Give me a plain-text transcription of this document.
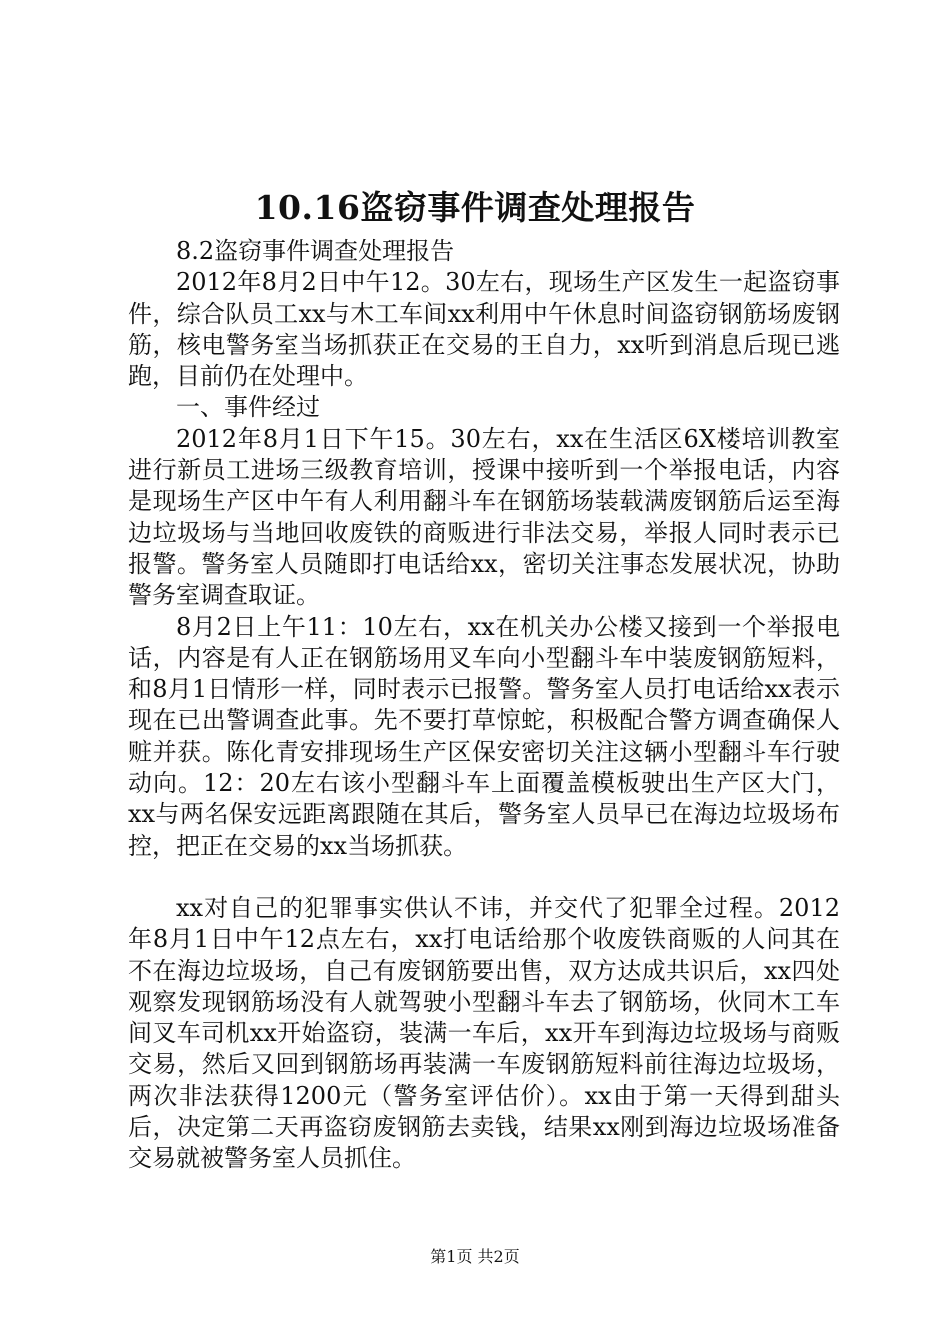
10.16盗窃事件调查处理报告

8.2盗窃事件调查处理报告

2012年8月2日中午12。30左右，现场生产区发生一起盗窃事件，综合队员工xx与木工车间xx利用中午休息时间盗窃钢筋场废钢筋，核电警务室当场抓获正在交易的王自力，xx听到消息后现已逃跑，目前仍在处理中。

一、事件经过

2012年8月1日下午15。30左右，xx在生活区6X楼培训教室进行新员工进场三级教育培训，授课中接听到一个举报电话，内容是现场生产区中午有人利用翻斗车在钢筋场装载满废钢筋后运至海边垃圾场与当地回收废铁的商贩进行非法交易，举报人同时表示已报警。警务室人员随即打电话给xx，密切关注事态发展状况，协助警务室调查取证。

8月2日上午11：10左右，xx在机关办公楼又接到一个举报电话，内容是有人正在钢筋场用叉车向小型翻斗车中装废钢筋短料，和8月1日情形一样，同时表示已报警。警务室人员打电话给xx表示现在已出警调查此事。先不要打草惊蛇，积极配合警方调查确保人赃并获。陈化青安排现场生产区保安密切关注这辆小型翻斗车行驶动向。12：20左右该小型翻斗车上面覆盖模板驶出生产区大门，xx与两名保安远距离跟随在其后，警务室人员早已在海边垃圾场布控，把正在交易的xx当场抓获。

xx对自己的犯罪事实供认不讳，并交代了犯罪全过程。2012年8月1日中午12点左右，xx打电话给那个收废铁商贩的人问其在不在海边垃圾场，自己有废钢筋要出售，双方达成共识后，xx四处观察发现钢筋场没有人就驾驶小型翻斗车去了钢筋场，伙同木工车间叉车司机xx开始盗窃，装满一车后，xx开车到海边垃圾场与商贩交易，然后又回到钢筋场再装满一车废钢筋短料前往海边垃圾场，两次非法获得1200元（警务室评估价）。xx由于第一天得到甜头后，决定第二天再盗窃废钢筋去卖钱，结果xx刚到海边垃圾场准备交易就被警务室人员抓住。

第1页 共2页
